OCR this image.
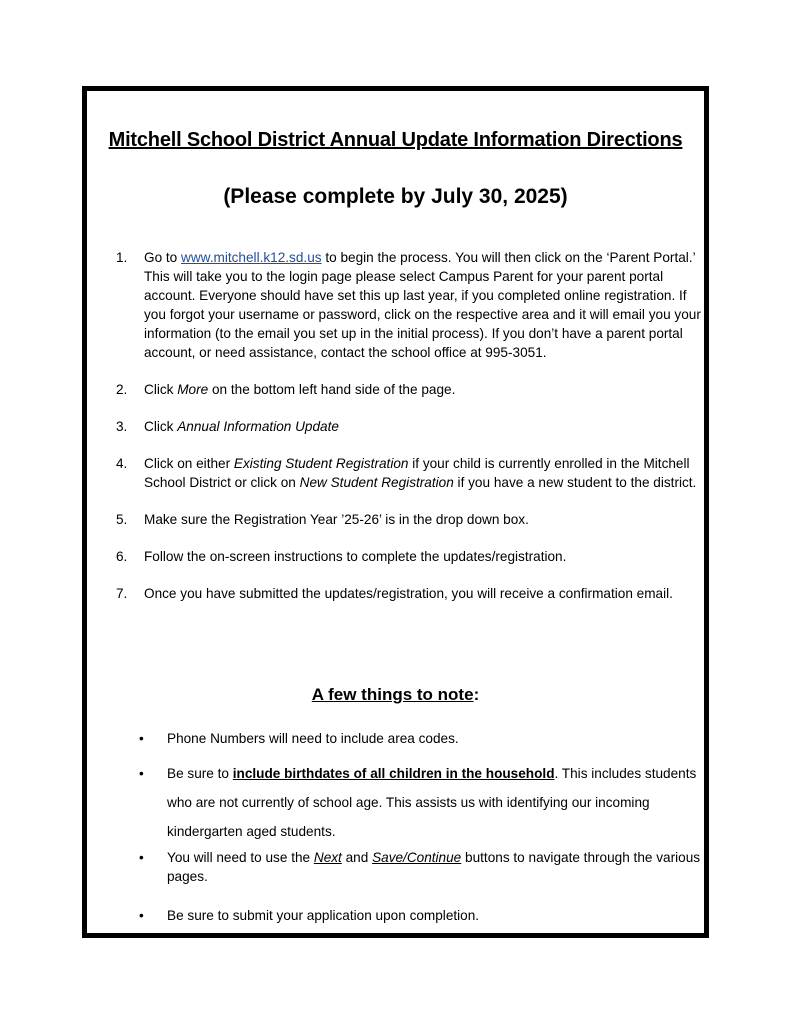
Mitchell School District Annual Update Information Directions
(Please complete by July 30, 2025)
1. Go to www.mitchell.k12.sd.us to begin the process. You will then click on the ‘Parent Portal.’ This will take you to the login page please select Campus Parent for your parent portal account. Everyone should have set this up last year, if you completed online registration. If you forgot your username or password, click on the respective area and it will email you your information (to the email you set up in the initial process). If you don’t have a parent portal account, or need assistance, contact the school office at 995-3051.
2. Click More on the bottom left hand side of the page.
3. Click Annual Information Update
4. Click on either Existing Student Registration if your child is currently enrolled in the Mitchell School District or click on New Student Registration if you have a new student to the district.
5. Make sure the Registration Year ’25-26’ is in the drop down box.
6. Follow the on-screen instructions to complete the updates/registration.
7. Once you have submitted the updates/registration, you will receive a confirmation email.
A few things to note:
• Phone Numbers will need to include area codes.
• Be sure to include birthdates of all children in the household. This includes students who are not currently of school age. This assists us with identifying our incoming kindergarten aged students.
• You will need to use the Next and Save/Continue buttons to navigate through the various pages.
• Be sure to submit your application upon completion.
